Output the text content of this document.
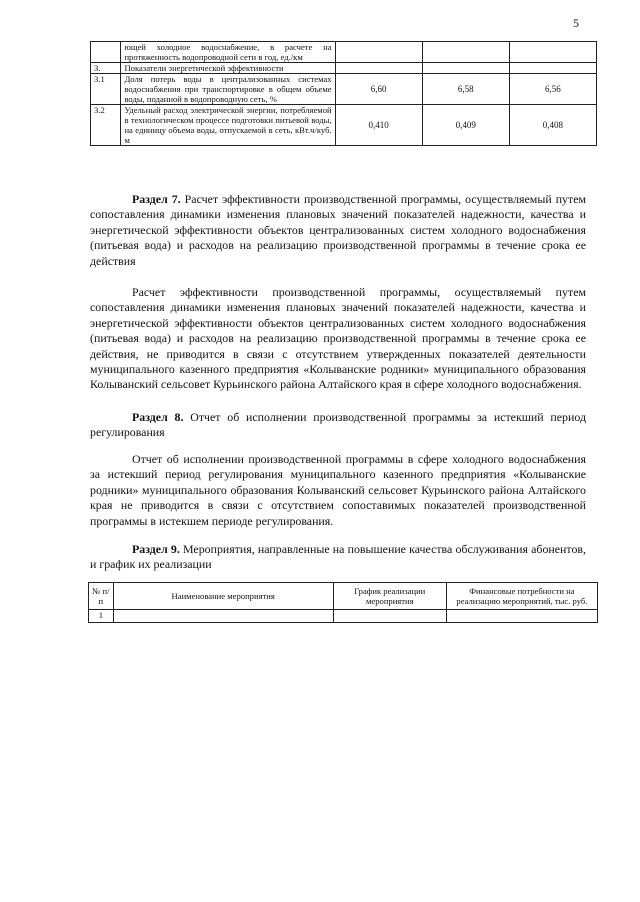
5

	ющей холодное водоснабжение, в расчете на протяженность водопроводной сети в год, ед./км			
3.	Показатели энергетической эффективности			
3.1	Доля потерь воды в централизованных системах водоснабжения при транспортировке в общем объеме воды, поданной в водопроводную сеть, %	6,60	6,58	6,56
3.2	Удельный расход электрической энергии, потребляемой в технологическом процессе подготовки питьевой воды, на единицу объема воды, отпускаемой в сеть, кВт.ч/куб. м	0,410	0,409	0,408

Раздел 7. Расчет эффективности производственной программы, осуществляемый путем сопоставления динамики изменения плановых значений показателей надежности, качества и энергетической эффективности объектов централизованных систем холодного водоснабжения (питьевая вода) и расходов на реализацию производственной программы в течение срока ее действия

Расчет эффективности производственной программы, осуществляемый путем сопоставления динамики изменения плановых значений показателей надежности, качества и энергетической эффективности объектов централизованных систем холодного водоснабжения (питьевая вода) и расходов на реализацию производственной программы в течение срока ее действия, не приводится в связи с отсутствием утвержденных показателей деятельности муниципального казенного предприятия «Колыванские родники» муниципального образования Колыванский сельсовет Курьинского района Алтайского края в сфере холодного водоснабжения.

Раздел 8. Отчет об исполнении производственной программы за истекший период регулирования

Отчет об исполнении производственной программы в сфере холодного водоснабжения за истекший период регулирования муниципального казенного предприятия «Колыванские родники» муниципального образования Колыванский сельсовет Курьинского района Алтайского края не приводится в связи с отсутствием сопоставимых показателей производственной программы в истекшем периоде регулирования.

Раздел 9. Мероприятия, направленные на повышение качества обслуживания абонентов, и график их реализации

№ п/п	Наименование мероприятия	График реализации мероприятия	Финансовые потребности на реализацию мероприятий, тыс. руб.
1			
